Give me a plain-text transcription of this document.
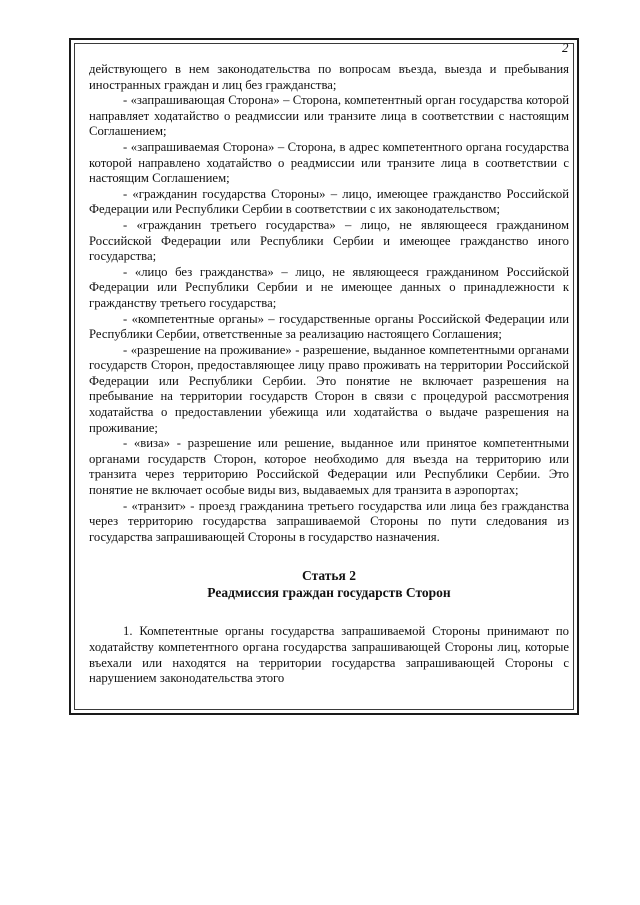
2

действующего в нем законодательства по вопросам въезда, выезда и пребывания иностранных граждан и лиц без гражданства;

- «запрашивающая Сторона» – Сторона, компетентный орган государства которой направляет ходатайство о реадмиссии или транзите лица в соответствии с настоящим Соглашением;

- «запрашиваемая Сторона» – Сторона, в адрес компетентного органа государства которой направлено ходатайство о реадмиссии или транзите лица в соответствии с настоящим Соглашением;

- «гражданин государства Стороны» – лицо, имеющее гражданство Российской Федерации или Республики Сербии в соответствии с их законодательством;

- «гражданин третьего государства» – лицо, не являющееся гражданином Российской Федерации или Республики Сербии и имеющее гражданство иного государства;

- «лицо без гражданства» – лицо, не являющееся гражданином Российской Федерации или Республики Сербии и не имеющее данных о принадлежности к гражданству третьего государства;

- «компетентные органы» – государственные органы Российской Федерации или Республики Сербии, ответственные за реализацию настоящего Соглашения;

- «разрешение на проживание» - разрешение, выданное компетентными органами государств Сторон, предоставляющее лицу право проживать на территории Российской Федерации или Республики Сербии. Это понятие не включает разрешения на пребывание на территории государств Сторон в связи с процедурой рассмотрения ходатайства о предоставлении убежища или ходатайства о выдаче разрешения на проживание;

- «виза» - разрешение или решение, выданное или принятое компетентными органами государств Сторон, которое необходимо для въезда на территорию или транзита через территорию Российской Федерации или Республики Сербии. Это понятие не включает особые виды виз, выдаваемых для транзита в аэропортах;

- «транзит» - проезд гражданина третьего государства или лица без гражданства через территорию государства запрашиваемой Стороны по пути следования из государства запрашивающей Стороны в государство назначения.

Статья 2

Реадмиссия граждан государств Сторон

1. Компетентные органы государства запрашиваемой Стороны принимают по ходатайству компетентного органа государства запрашивающей Стороны лиц, которые въехали или находятся на территории государства запрашивающей Стороны с нарушением законодательства этого
